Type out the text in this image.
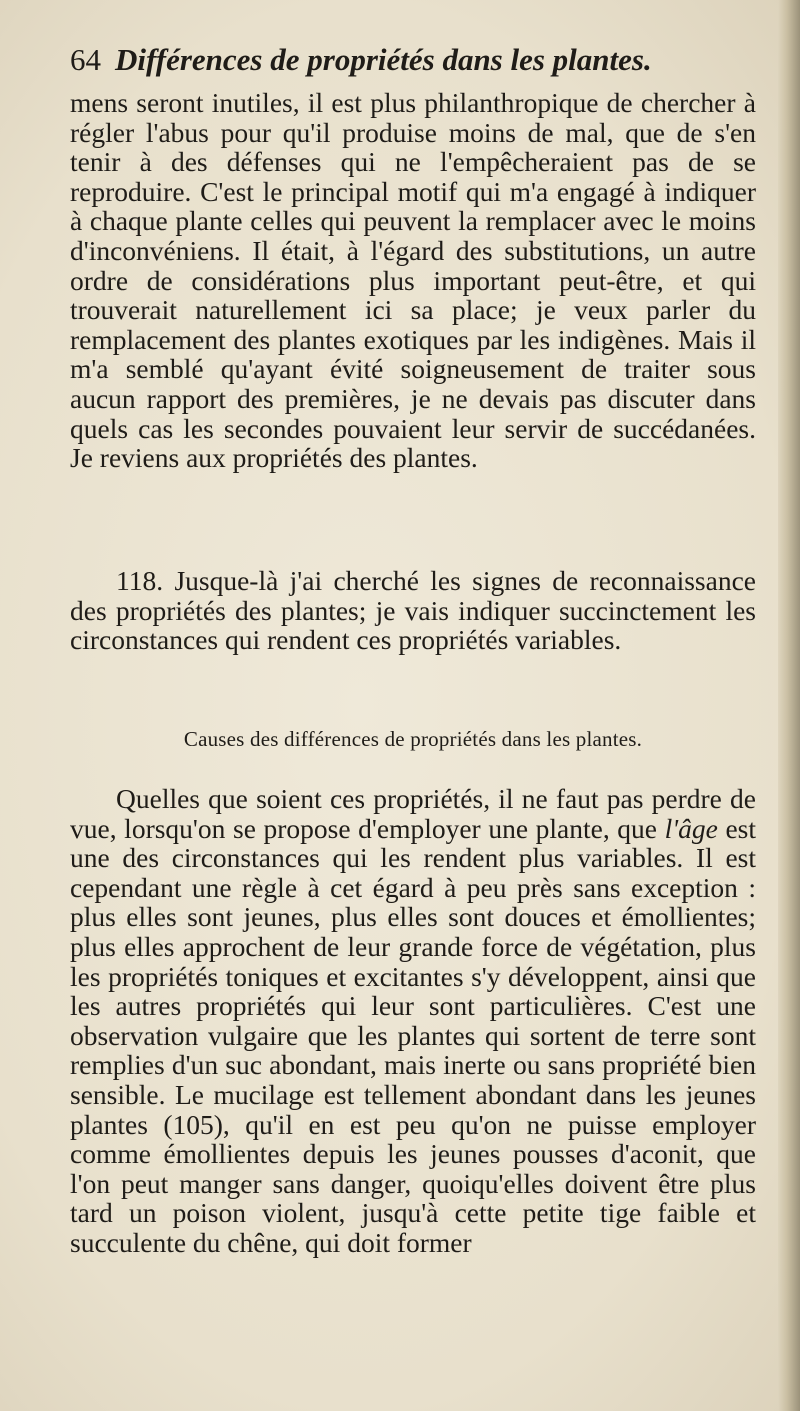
64 Différences de propriétés dans les plantes.
mens seront inutiles, il est plus philanthropique de chercher à régler l'abus pour qu'il produise moins de mal, que de s'en tenir à des défenses qui ne l'empêcheraient pas de se reproduire. C'est le principal motif qui m'a engagé à indiquer à chaque plante celles qui peuvent la remplacer avec le moins d'inconvéniens. Il était, à l'égard des substitutions, un autre ordre de considérations plus important peut-être, et qui trouverait naturellement ici sa place; je veux parler du remplacement des plantes exotiques par les indigènes. Mais il m'a semblé qu'ayant évité soigneusement de traiter sous aucun rapport des premières, je ne devais pas discuter dans quels cas les secondes pouvaient leur servir de succédanées. Je reviens aux propriétés des plantes.
118. Jusque-là j'ai cherché les signes de reconnaissance des propriétés des plantes; je vais indiquer succinctement les circonstances qui rendent ces propriétés variables.
Causes des différences de propriétés dans les plantes.
Quelles que soient ces propriétés, il ne faut pas perdre de vue, lorsqu'on se propose d'employer une plante, que l'âge est une des circonstances qui les rendent plus variables. Il est cependant une règle à cet égard à peu près sans exception : plus elles sont jeunes, plus elles sont douces et émollientes; plus elles approchent de leur grande force de végétation, plus les propriétés toniques et excitantes s'y développent, ainsi que les autres propriétés qui leur sont particulières. C'est une observation vulgaire que les plantes qui sortent de terre sont remplies d'un suc abondant, mais inerte ou sans propriété bien sensible. Le mucilage est tellement abondant dans les jeunes plantes (105), qu'il en est peu qu'on ne puisse employer comme émollientes depuis les jeunes pousses d'aconit, que l'on peut manger sans danger, quoiqu'elles doivent être plus tard un poison violent, jusqu'à cette petite tige faible et succulente du chêne, qui doit former
